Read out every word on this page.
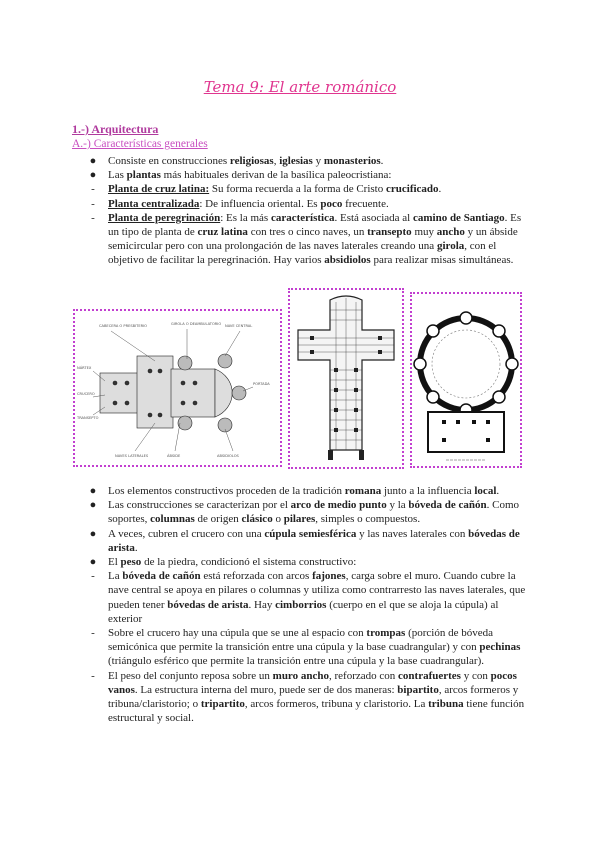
Tema 9: El arte románico
1.-) Arquitectura
A.-) Características generales
●	Consiste en construcciones religiosas, iglesias y monasterios.
●	Las plantas más habituales derivan de la basílica paleocristiana:
-	Planta de cruz latina: Su forma recuerda a la forma de Cristo crucificado.
-	Planta centralizada: De influencia oriental. Es poco frecuente.
-	Planta de peregrinación: Es la más característica. Está asociada al camino de Santiago. Es un tipo de planta de cruz latina con tres o cinco naves, un transepto muy ancho y un ábside semicircular pero con una prolongación de las naves laterales creando una girola, con el objetivo de facilitar la peregrinación. Hay varios absidiolos para realizar misas simultáneas.
CABECERA O PRESBITERIO	GIROLA O DEAMBULATORIO
NÁRTEX
CRUCERO
TRANSEPTO
NAVE CENTRAL
NAVES LATERALES	ÁBSIDE	ABSIDIOLOS
PORTADA
●	Los elementos constructivos proceden de la tradición romana junto a la influencia local.
●	Las construcciones se caracterizan por el arco de medio punto y la bóveda de cañón. Como soportes, columnas de origen clásico o pilares, simples o compuestos.
●	A veces, cubren el crucero con una cúpula semiesférica y las naves laterales con bóvedas de arista.
●	El peso de la piedra, condicionó el sistema constructivo:
-	La bóveda de cañón está reforzada con arcos fajones, carga sobre el muro. Cuando cubre la nave central se apoya en pilares o columnas y utiliza como contrarresto las naves laterales, que pueden tener bóvedas de arista. Hay cimborrios (cuerpo en el que se aloja la cúpula) al exterior
-	Sobre el crucero hay una cúpula que se une al espacio con trompas (porción de bóveda semicónica que permite la transición entre una cúpula y la base cuadrangular) y con pechinas (triángulo esférico que permite la transición entre una cúpula y la base cuadrangular).
-	El peso del conjunto reposa sobre un muro ancho, reforzado con contrafuertes y con pocos vanos. La estructura interna del muro, puede ser de dos maneras: bipartito, arcos formeros y tribuna/claristorio; o tripartito, arcos formeros, tribuna y claristorio. La tribuna tiene función estructural y social.
